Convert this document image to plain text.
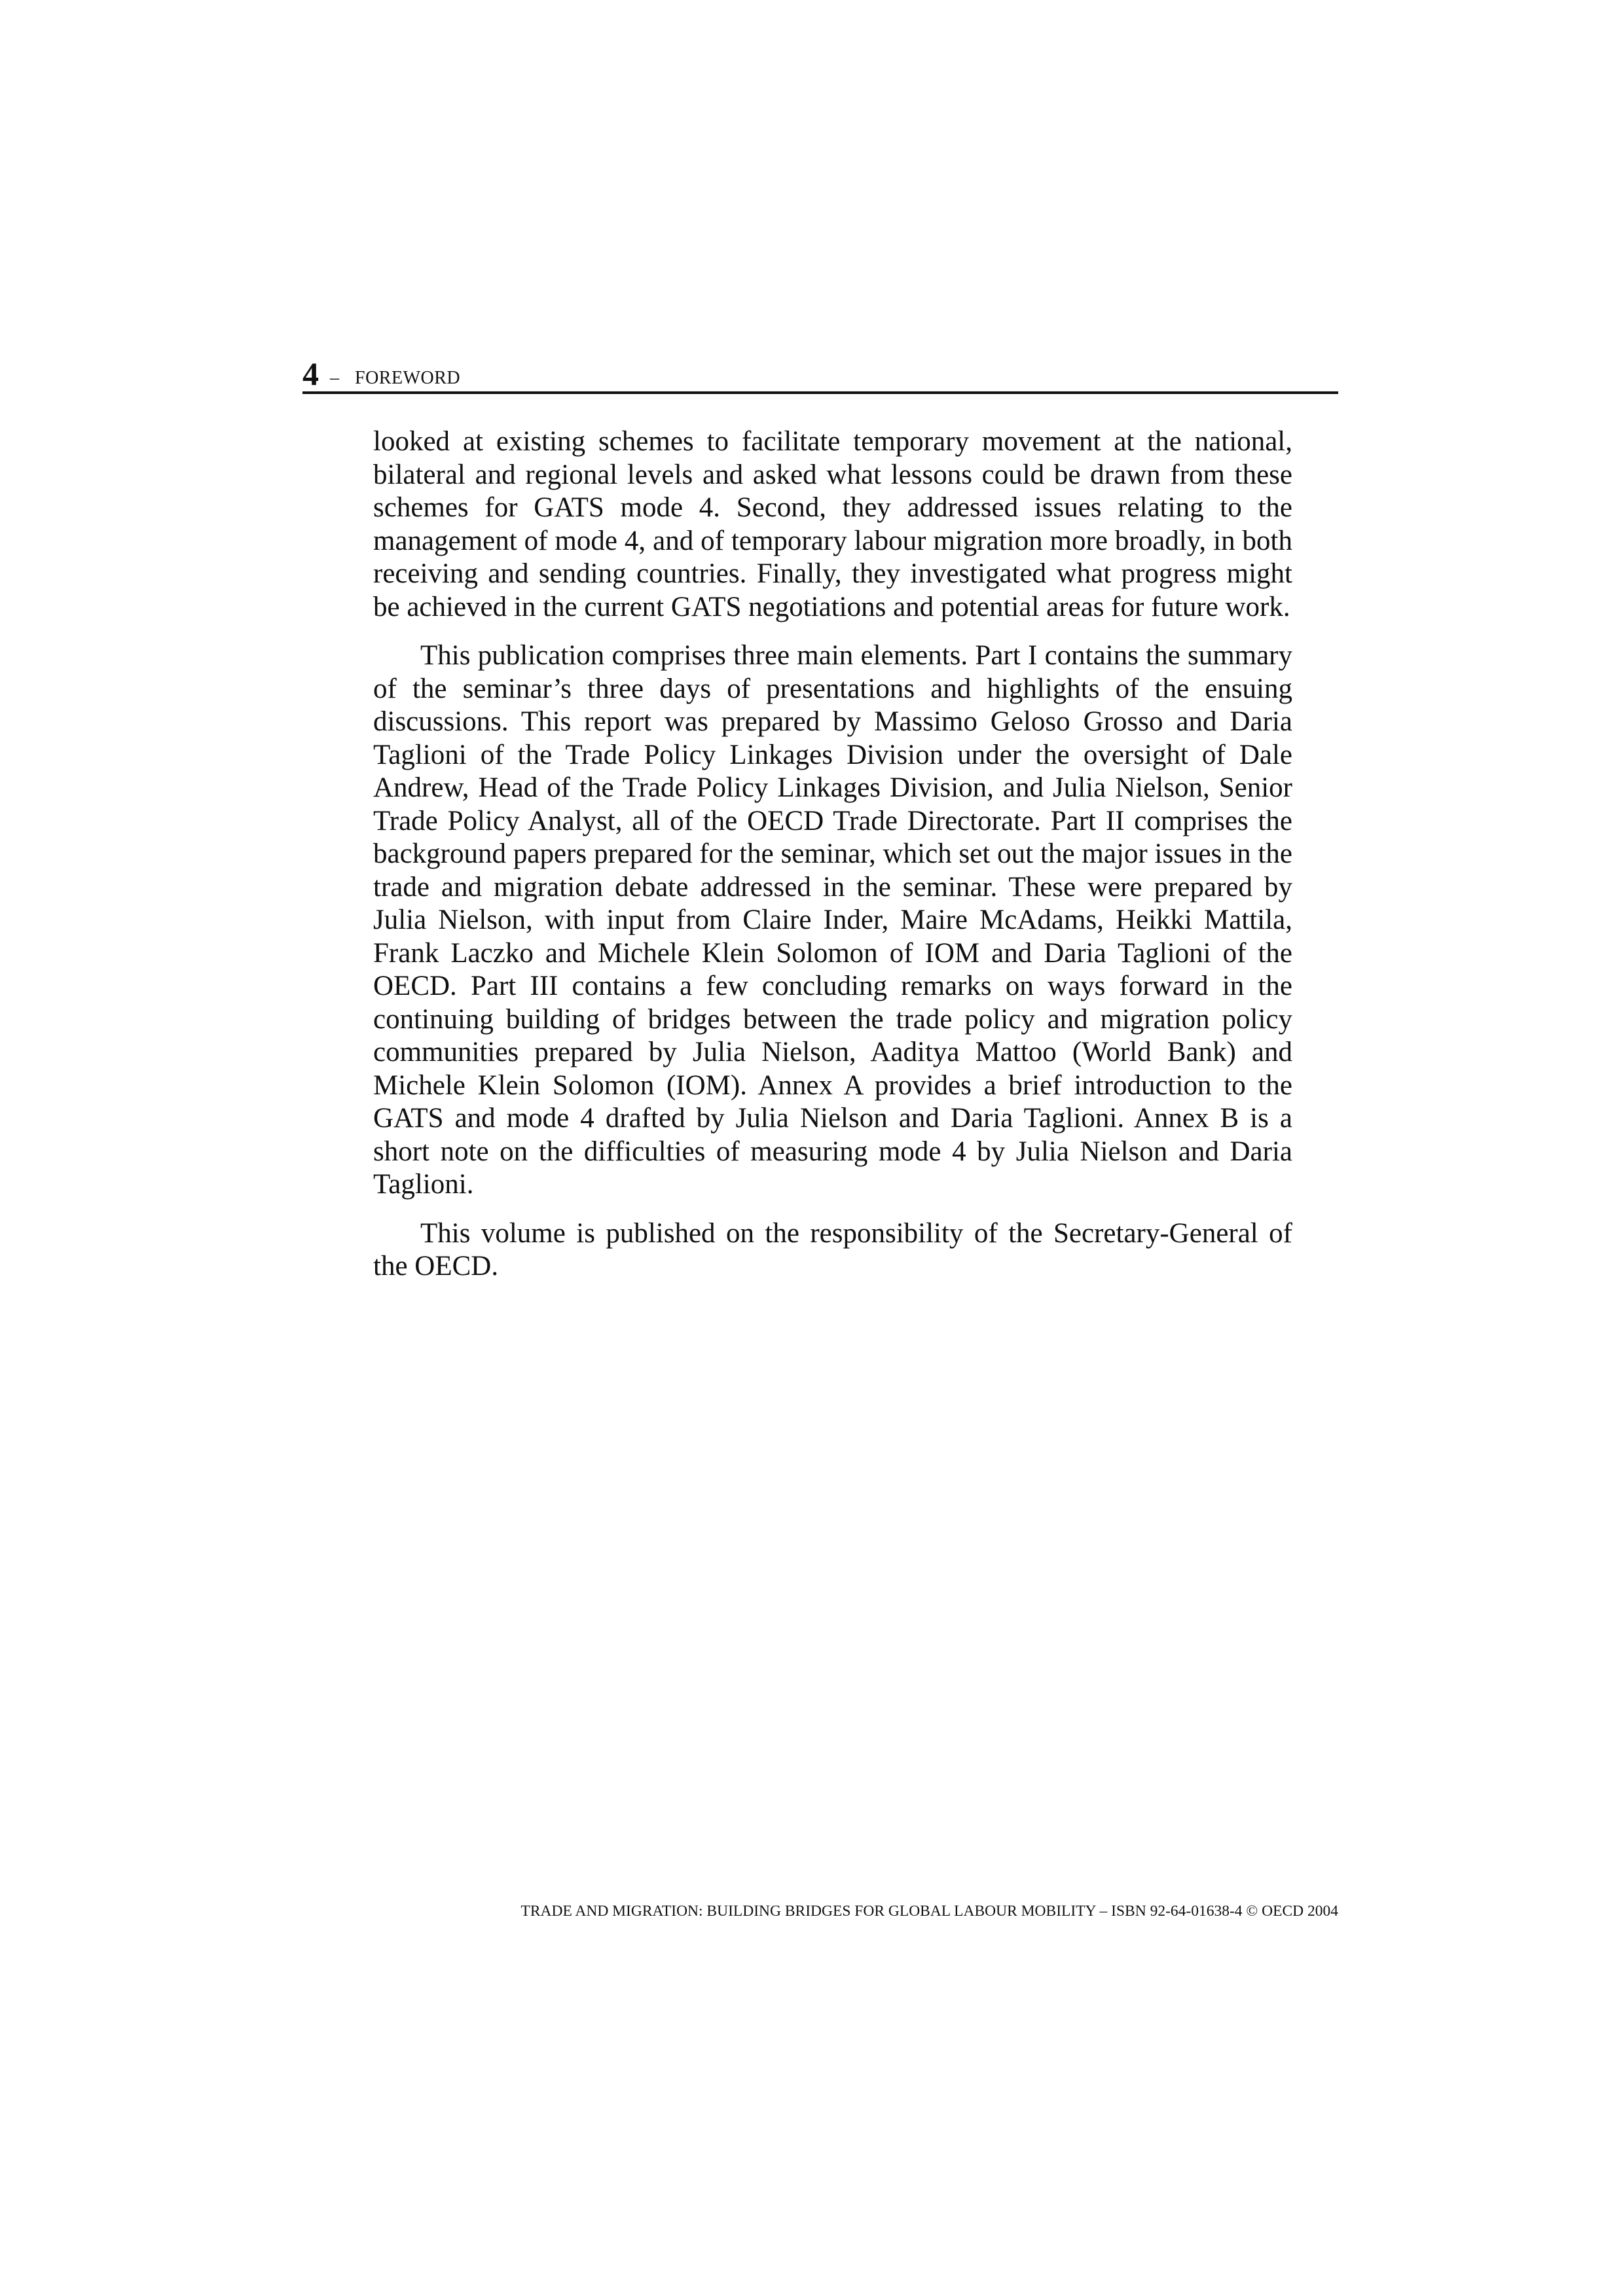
4 – FOREWORD

looked at existing schemes to facilitate temporary movement at the national, bilateral and regional levels and asked what lessons could be drawn from these schemes for GATS mode 4. Second, they addressed issues relating to the management of mode 4, and of temporary labour migration more broadly, in both receiving and sending countries. Finally, they investigated what progress might be achieved in the current GATS negotiations and potential areas for future work.

This publication comprises three main elements. Part I contains the summary of the seminar’s three days of presentations and highlights of the ensuing discussions. This report was prepared by Massimo Geloso Grosso and Daria Taglioni of the Trade Policy Linkages Division under the oversight of Dale Andrew, Head of the Trade Policy Linkages Division, and Julia Nielson, Senior Trade Policy Analyst, all of the OECD Trade Directorate. Part II comprises the background papers prepared for the seminar, which set out the major issues in the trade and migration debate addressed in the seminar. These were prepared by Julia Nielson, with input from Claire Inder, Maire McAdams, Heikki Mattila, Frank Laczko and Michele Klein Solomon of IOM and Daria Taglioni of the OECD. Part III contains a few concluding remarks on ways forward in the continuing building of bridges between the trade policy and migration policy communities prepared by Julia Nielson, Aaditya Mattoo (World Bank) and Michele Klein Solomon (IOM). Annex A provides a brief introduction to the GATS and mode 4 drafted by Julia Nielson and Daria Taglioni. Annex B is a short note on the difficulties of measuring mode 4 by Julia Nielson and Daria Taglioni.

This volume is published on the responsibility of the Secretary-General of the OECD.

TRADE AND MIGRATION: BUILDING BRIDGES FOR GLOBAL LABOUR MOBILITY – ISBN 92-64-01638-4 © OECD 2004
